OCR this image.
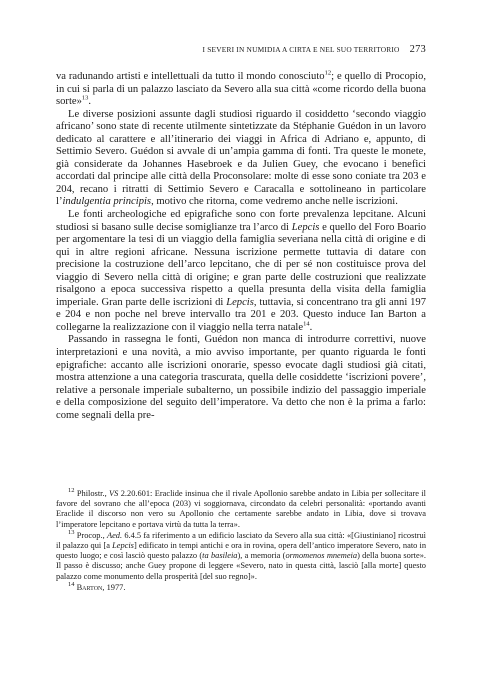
I SEVERI IN NUMIDIA A CIRTA E NEL SUO TERRITORIO 273

va radunando artisti e intellettuali da tutto il mondo conosciuto$^{12}$; e quello di Procopio, in cui si parla di un palazzo lasciato da Severo alla sua città «come ricordo della buona sorte»$^{13}$.

Le diverse posizioni assunte dagli studiosi riguardo il cosiddetto ‘secondo viaggio africano’ sono state di recente utilmente sintetizzate da Stéphanie Guédon in un lavoro dedicato al carattere e all’itinerario dei viaggi in Africa di Adriano e, appunto, di Settimio Severo. Guédon si avvale di un’ampia gamma di fonti. Tra queste le monete, già considerate da Johannes Hasebroek e da Julien Guey, che evocano i benefici accordati dal principe alle città della Proconsolare: molte di esse sono coniate tra 203 e 204, recano i ritratti di Settimio Severo e Caracalla e sottolineano in particolare l’indulgentia principis, motivo che ritorna, come vedremo anche nelle iscrizioni.

Le fonti archeologiche ed epigrafiche sono con forte prevalenza lepcitane. Alcuni studiosi si basano sulle decise somiglianze tra l’arco di Lepcis e quello del Foro Boario per argomentare la tesi di un viaggio della famiglia severiana nella città di origine e di qui in altre regioni africane. Nessuna iscrizione permette tuttavia di datare con precisione la costruzione dell’arco lepcitano, che di per sé non costituisce prova del viaggio di Severo nella città di origine; e gran parte delle costruzioni que realizzate risalgono a epoca successiva rispetto a quella presunta della visita della famiglia imperiale. Gran parte delle iscrizioni di Lepcis, tuttavia, si concentrano tra gli anni 197 e 204 e non poche nel breve intervallo tra 201 e 203. Questo induce Ian Barton a collegarne la realizzazione con il viaggio nella terra natale$^{14}$.

Passando in rassegna le fonti, Guédon non manca di introdurre correttivi, nuove interpretazioni e una novità, a mio avviso importante, per quanto riguarda le fonti epigrafiche: accanto alle iscrizioni onorarie, spesso evocate dagli studiosi già citati, mostra attenzione a una categoria trascurata, quella delle cosiddette ‘iscrizioni povere’, relative a personale imperiale subalterno, un possibile indizio del passaggio imperiale e della composizione del seguito dell’imperatore. Va detto che non è la prima a farlo: come segnali della pre-

$^{12}$ Philostr., VS 2.20.601: Eraclide insinua che il rivale Apollonio sarebbe andato in Libia per sollecitare il favore del sovrano che all’epoca (203) vi soggiornava, circondato da celebri personalità: «portando avanti Eraclide il discorso non vero su Apollonio che certamente sarebbe andato in Libia, dove si trovava l’imperatore lepcitano e portava virtù da tutta la terra».

$^{13}$ Procop., Aed. 6.4.5 fa riferimento a un edificio lasciato da Severo alla sua città: «[Giustiniano] ricostruì il palazzo qui [a Lepcis] edificato in tempi antichi e ora in rovina, opera dell’antico imperatore Severo, nato in questo luogo; e così lasciò questo palazzo (ta basileia), a memoria (ormomenos mnemeia) della buona sorte». Il passo è discusso; anche Guey propone di leggere «Severo, nato in questa città, lasciò [alla morte] questo palazzo come monumento della prosperità [del suo regno]».

$^{14}$ Barton, 1977.
